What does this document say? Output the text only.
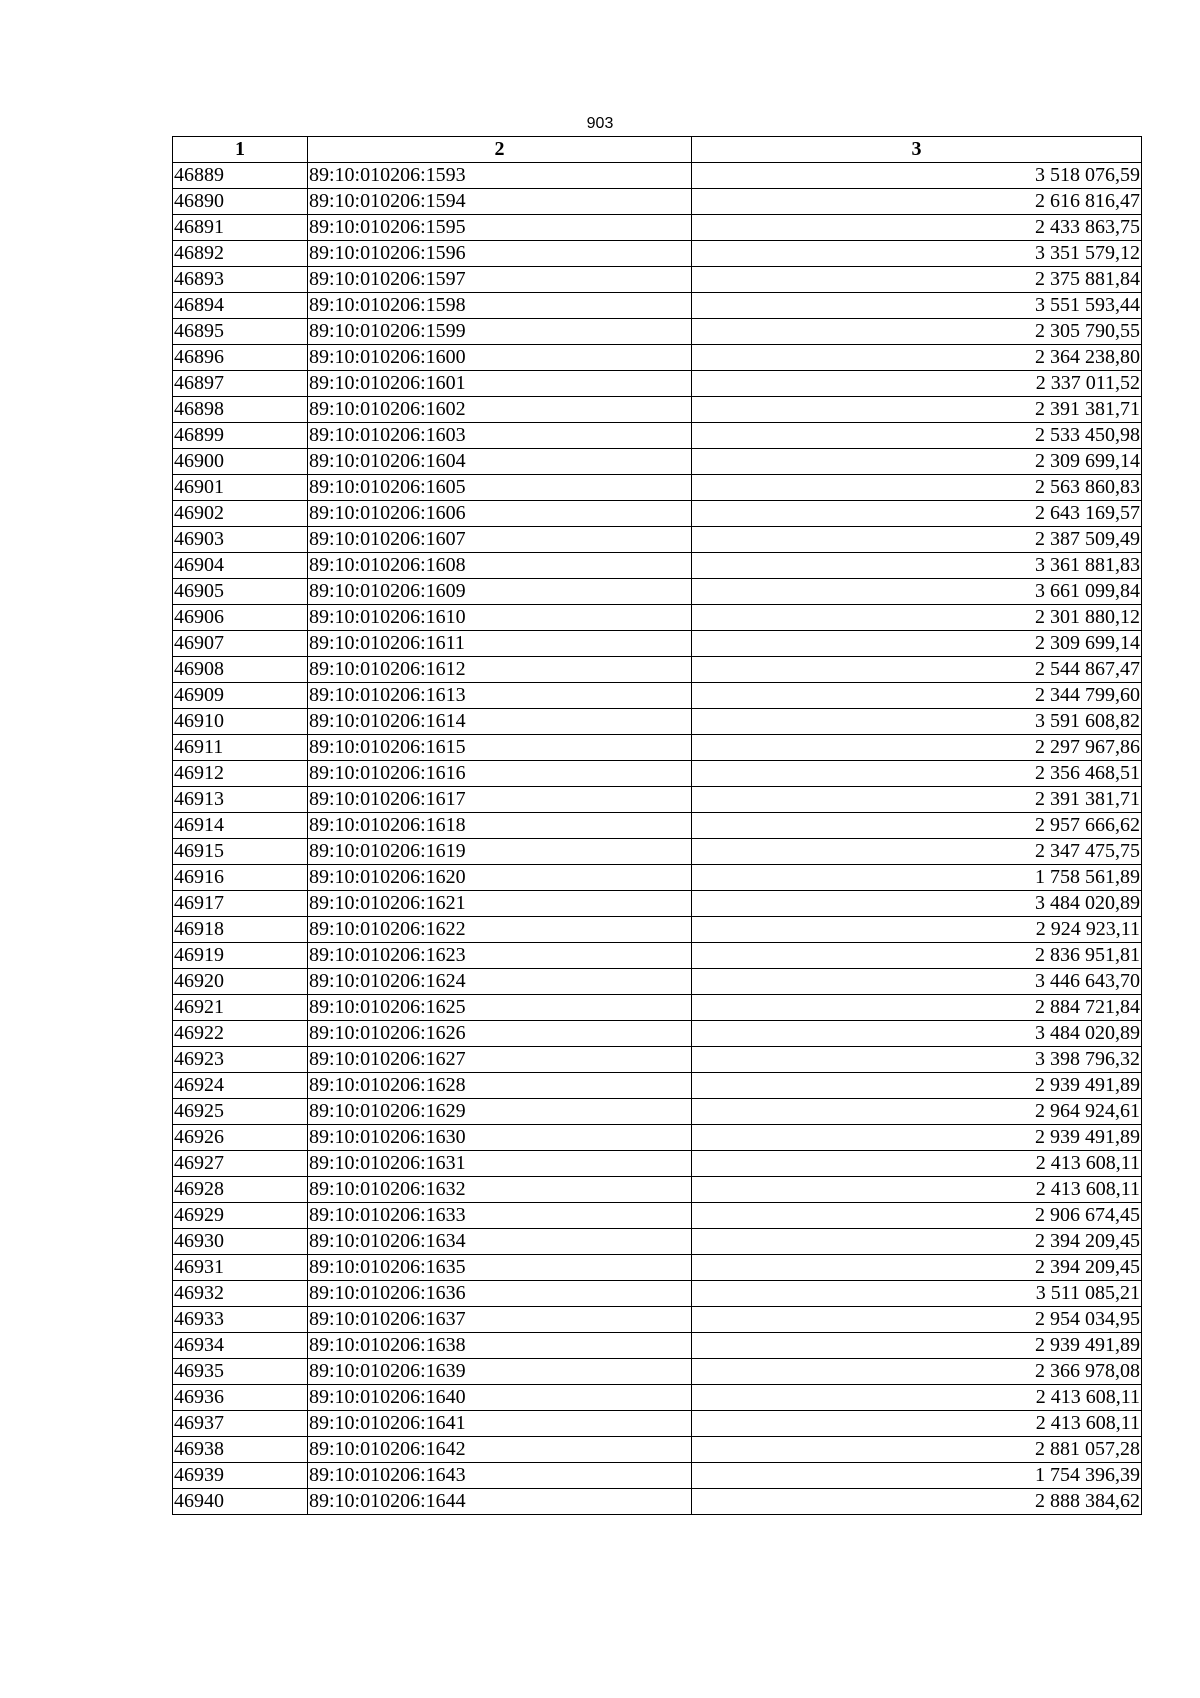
903
1	2	3
46889	89:10:010206:1593	3 518 076,59
46890	89:10:010206:1594	2 616 816,47
46891	89:10:010206:1595	2 433 863,75
46892	89:10:010206:1596	3 351 579,12
46893	89:10:010206:1597	2 375 881,84
46894	89:10:010206:1598	3 551 593,44
46895	89:10:010206:1599	2 305 790,55
46896	89:10:010206:1600	2 364 238,80
46897	89:10:010206:1601	2 337 011,52
46898	89:10:010206:1602	2 391 381,71
46899	89:10:010206:1603	2 533 450,98
46900	89:10:010206:1604	2 309 699,14
46901	89:10:010206:1605	2 563 860,83
46902	89:10:010206:1606	2 643 169,57
46903	89:10:010206:1607	2 387 509,49
46904	89:10:010206:1608	3 361 881,83
46905	89:10:010206:1609	3 661 099,84
46906	89:10:010206:1610	2 301 880,12
46907	89:10:010206:1611	2 309 699,14
46908	89:10:010206:1612	2 544 867,47
46909	89:10:010206:1613	2 344 799,60
46910	89:10:010206:1614	3 591 608,82
46911	89:10:010206:1615	2 297 967,86
46912	89:10:010206:1616	2 356 468,51
46913	89:10:010206:1617	2 391 381,71
46914	89:10:010206:1618	2 957 666,62
46915	89:10:010206:1619	2 347 475,75
46916	89:10:010206:1620	1 758 561,89
46917	89:10:010206:1621	3 484 020,89
46918	89:10:010206:1622	2 924 923,11
46919	89:10:010206:1623	2 836 951,81
46920	89:10:010206:1624	3 446 643,70
46921	89:10:010206:1625	2 884 721,84
46922	89:10:010206:1626	3 484 020,89
46923	89:10:010206:1627	3 398 796,32
46924	89:10:010206:1628	2 939 491,89
46925	89:10:010206:1629	2 964 924,61
46926	89:10:010206:1630	2 939 491,89
46927	89:10:010206:1631	2 413 608,11
46928	89:10:010206:1632	2 413 608,11
46929	89:10:010206:1633	2 906 674,45
46930	89:10:010206:1634	2 394 209,45
46931	89:10:010206:1635	2 394 209,45
46932	89:10:010206:1636	3 511 085,21
46933	89:10:010206:1637	2 954 034,95
46934	89:10:010206:1638	2 939 491,89
46935	89:10:010206:1639	2 366 978,08
46936	89:10:010206:1640	2 413 608,11
46937	89:10:010206:1641	2 413 608,11
46938	89:10:010206:1642	2 881 057,28
46939	89:10:010206:1643	1 754 396,39
46940	89:10:010206:1644	2 888 384,62
